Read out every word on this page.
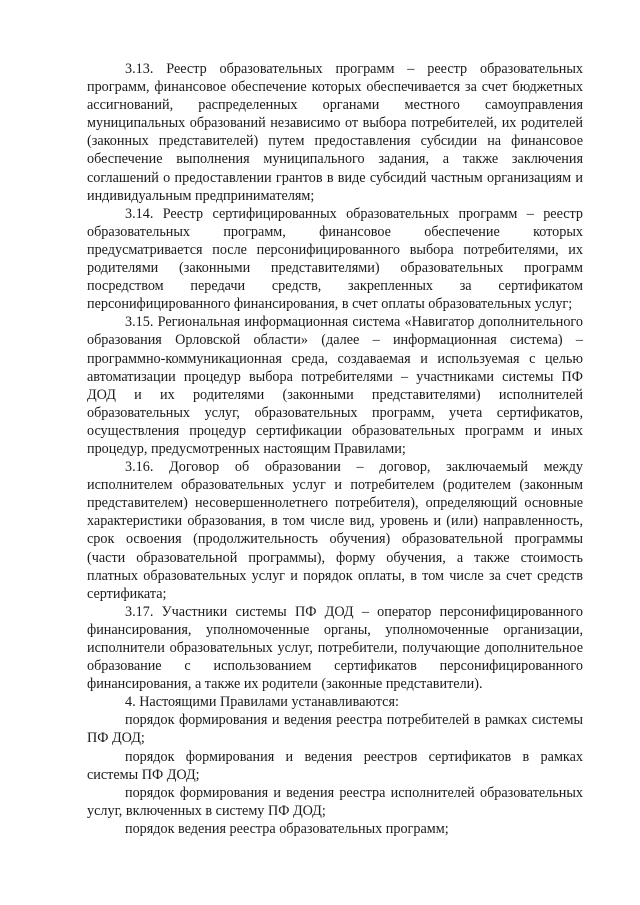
3.13. Реестр образовательных программ – реестр образовательных программ, финансовое обеспечение которых обеспечивается за счет бюджетных ассигнований, распределенных органами местного самоуправления муниципальных образований независимо от выбора потребителей, их родителей (законных представителей) путем предоставления субсидии на финансовое обеспечение выполнения муниципального задания, а также заключения соглашений о предоставлении грантов в виде субсидий частным организациям и индивидуальным предпринимателям;

3.14. Реестр сертифицированных образовательных программ – реестр образовательных программ, финансовое обеспечение которых предусматривается после персонифицированного выбора потребителями, их родителями (законными представителями) образовательных программ посредством передачи средств, закрепленных за сертификатом персонифицированного финансирования, в счет оплаты образовательных услуг;

3.15. Региональная информационная система «Навигатор дополнительного образования Орловской области» (далее – информационная система) – программно-коммуникационная среда, создаваемая и используемая с целью автоматизации процедур выбора потребителями – участниками системы ПФ ДОД и их родителями (законными представителями) исполнителей образовательных услуг, образовательных программ, учета сертификатов, осуществления процедур сертификации образовательных программ и иных процедур, предусмотренных настоящим Правилами;

3.16. Договор об образовании – договор, заключаемый между исполнителем образовательных услуг и потребителем (родителем (законным представителем) несовершеннолетнего потребителя), определяющий основные характеристики образования, в том числе вид, уровень и (или) направленность, срок освоения (продолжительность обучения) образовательной программы (части образовательной программы), форму обучения, а также стоимость платных образовательных услуг и порядок оплаты, в том числе за счет средств сертификата;

3.17. Участники системы ПФ ДОД – оператор персонифицированного финансирования, уполномоченные органы, уполномоченные организации, исполнители образовательных услуг, потребители, получающие дополнительное образование с использованием сертификатов персонифицированного финансирования, а также их родители (законные представители).

4. Настоящими Правилами устанавливаются:

порядок формирования и ведения реестра потребителей в рамках системы ПФ ДОД;

порядок формирования и ведения реестров сертификатов в рамках системы ПФ ДОД;

порядок формирования и ведения реестра исполнителей образовательных услуг, включенных в систему ПФ ДОД;

порядок ведения реестра образовательных программ;
